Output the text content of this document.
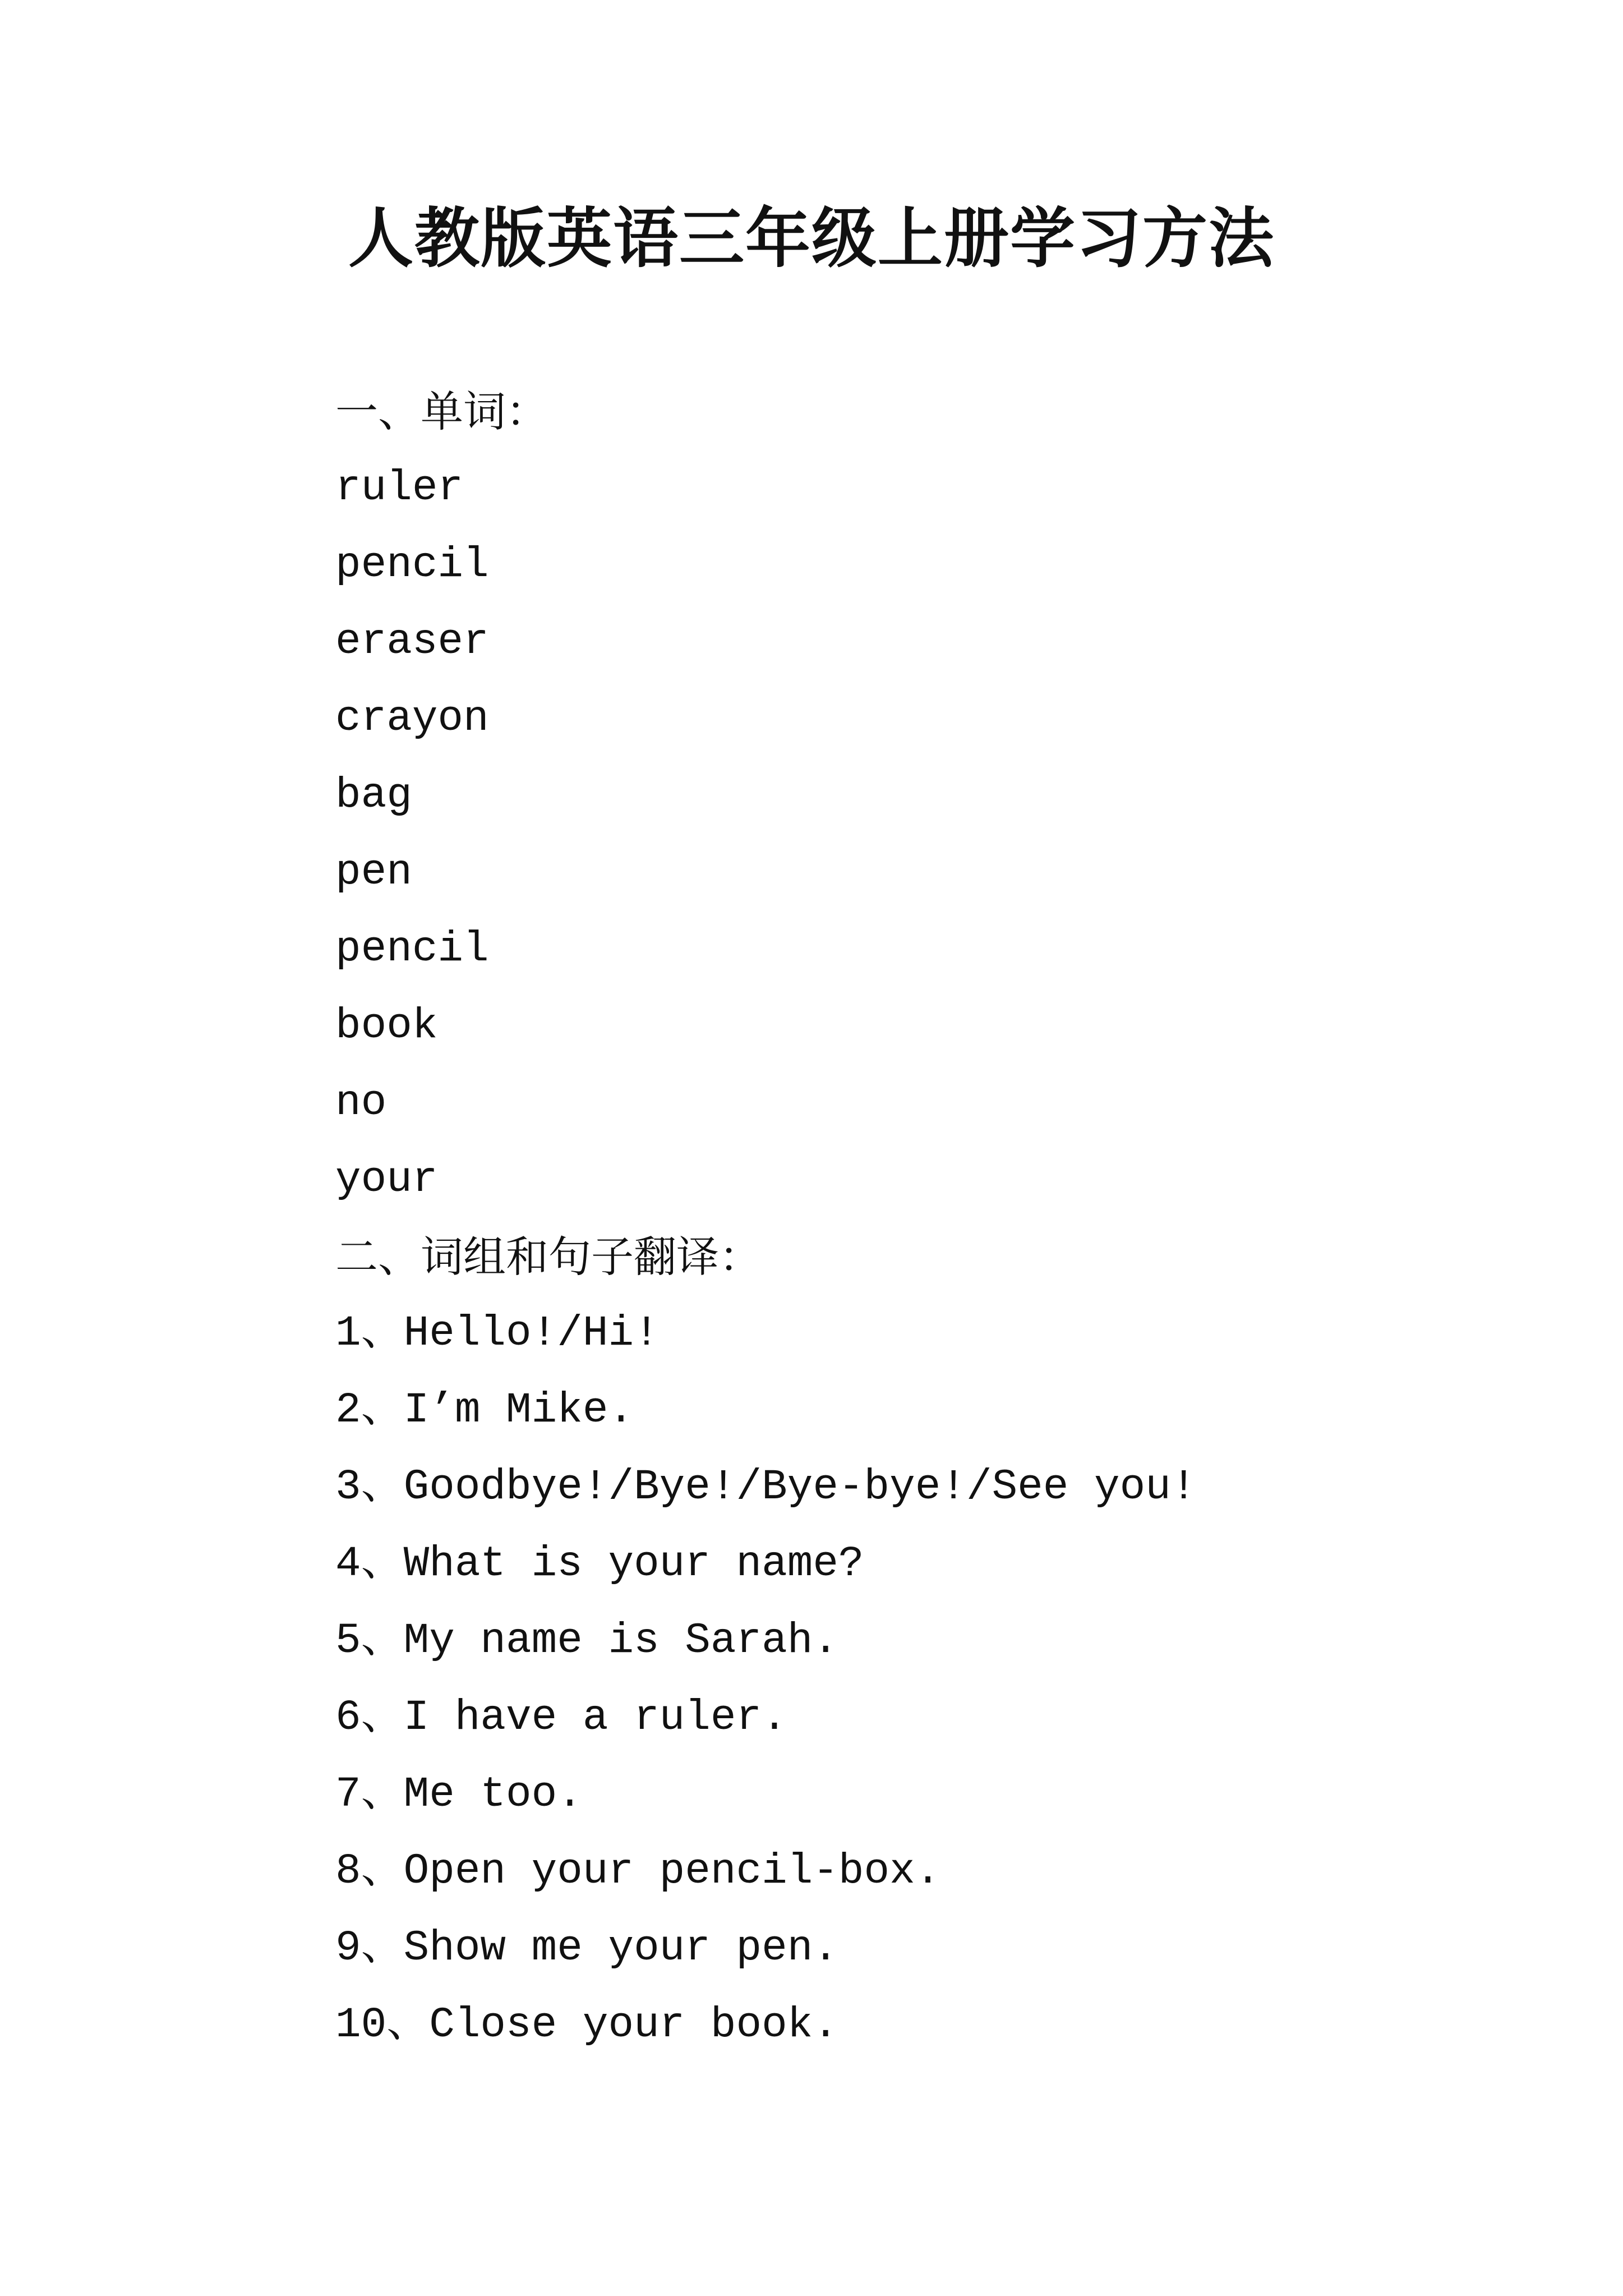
人教版英语三年级上册学习方法
一、单词：
ruler
pencil
eraser
crayon
bag
pen
pencil
book
no
your
二、词组和句子翻译：
1、Hello!/Hi!
2、I’m Mike.
3、Goodbye!/Bye!/Bye-bye!/See you!
4、What is your name?
5、My name is Sarah.
6、I have a ruler.
7、Me too.
8、Open your pencil-box.
9、Show me your pen.
10、Close your book.
